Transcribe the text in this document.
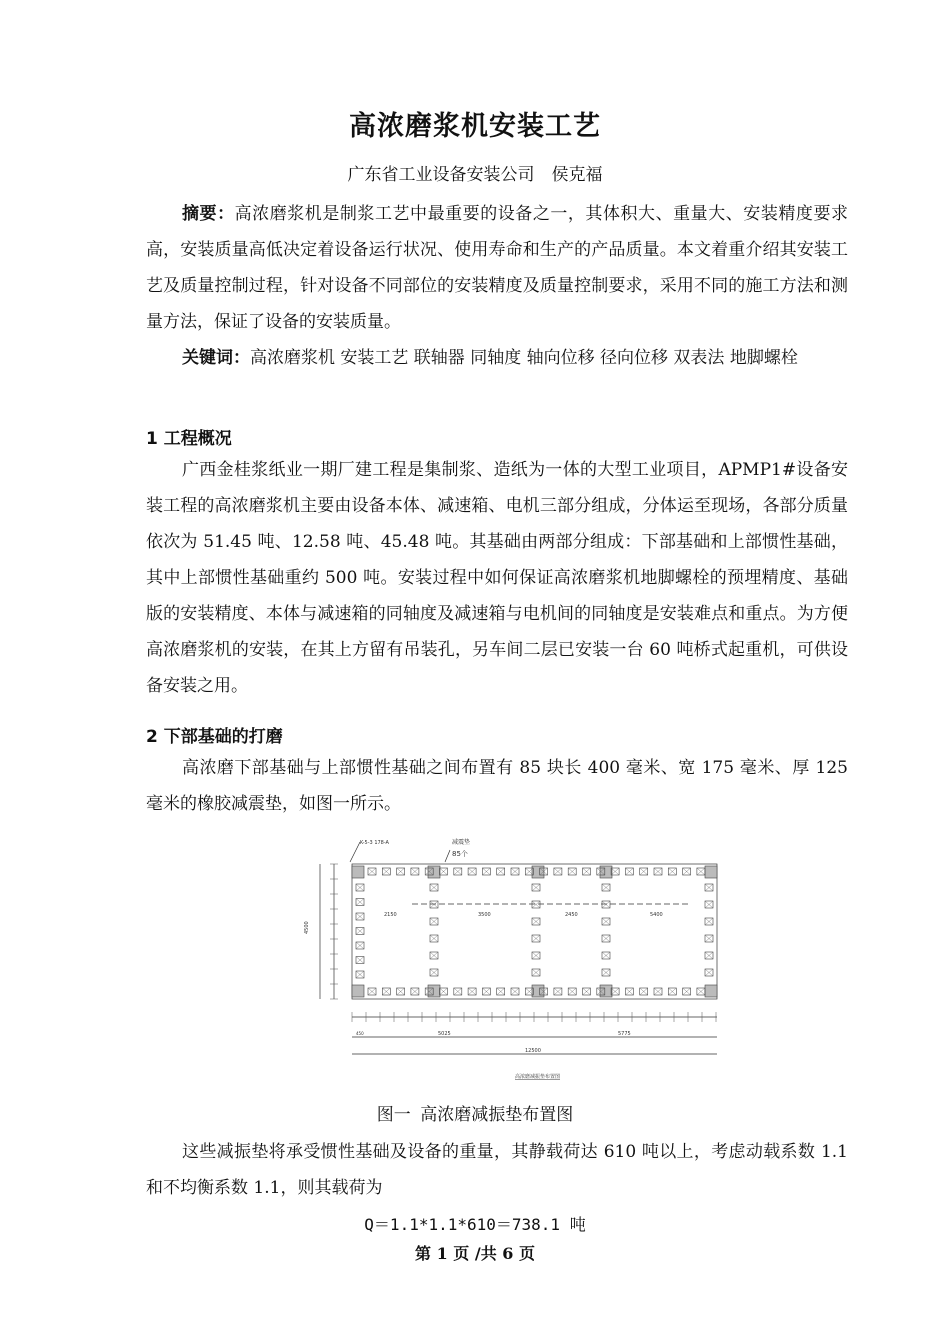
高浓磨浆机安装工艺
广东省工业设备安装公司　侯克福

摘要：高浓磨浆机是制浆工艺中最重要的设备之一，其体积大、重量大、安装精度要求高，安装质量高低决定着设备运行状况、使用寿命和生产的产品质量。本文着重介绍其安装工艺及质量控制过程，针对设备不同部位的安装精度及质量控制要求，采用不同的施工方法和测量方法，保证了设备的安装质量。

关键词：高浓磨浆机 安装工艺 联轴器 同轴度 轴向位移 径向位移 双表法 地脚螺栓

1 工程概况

广西金桂浆纸业一期厂建工程是集制浆、造纸为一体的大型工业项目，APMP1#设备安装工程的高浓磨浆机主要由设备本体、减速箱、电机三部分组成，分体运至现场，各部分质量依次为 51.45 吨、12.58 吨、45.48 吨。其基础由两部分组成：下部基础和上部惯性基础，其中上部惯性基础重约 500 吨。安装过程中如何保证高浓磨浆机地脚螺栓的预埋精度、基础版的安装精度、本体与减速箱的同轴度及减速箱与电机间的同轴度是安装难点和重点。为方便高浓磨浆机的安装，在其上方留有吊装孔，另车间二层已安装一台 60 吨桥式起重机，可供设备安装之用。

2 下部基础的打磨

高浓磨下部基础与上部惯性基础之间布置有 85 块长 400 毫米、宽 175 毫米、厚 125 毫米的橡胶减震垫，如图一所示。

K-5-3 178-A	减震垫
85个
2150	3500	2450	5400
5025	5775
12500
4500
450
高浓磨减振垫布置图
图一 高浓磨减振垫布置图

这些减振垫将承受惯性基础及设备的重量，其静载荷达 610 吨以上，考虑动载系数 1.1 和不均衡系数 1.1，则其载荷为

Q＝1.1*1.1*610＝738.1 吨
第 1 页 /共 6 页
